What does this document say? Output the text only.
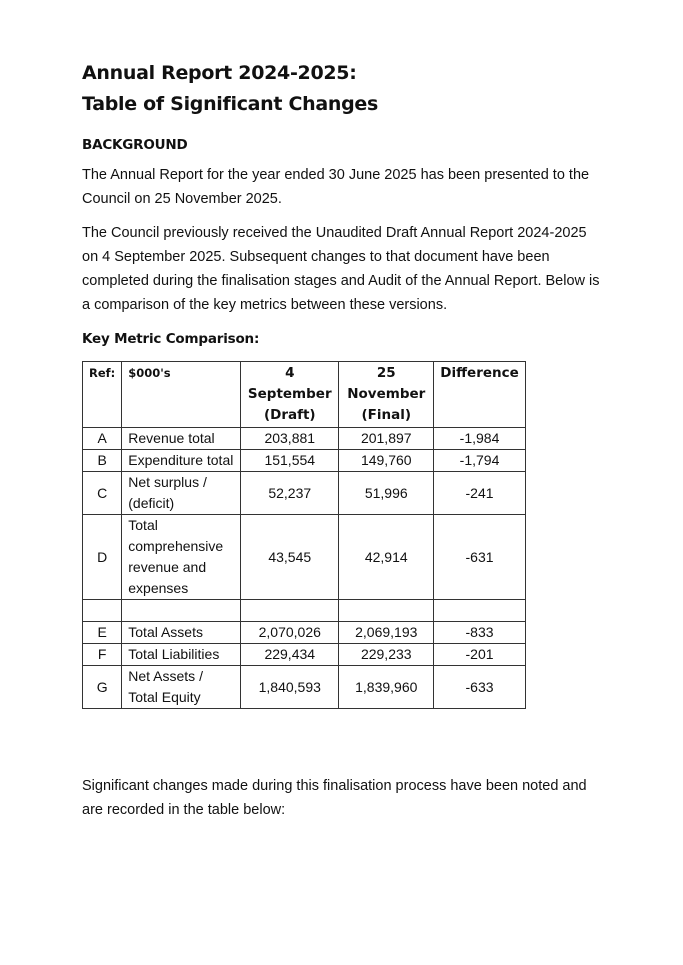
Annual Report 2024-2025:
Table of Significant Changes
BACKGROUND

The Annual Report for the year ended 30 June 2025 has been presented to the Council on 25 November 2025.

The Council previously received the Unaudited Draft Annual Report 2024-2025 on 4 September 2025. Subsequent changes to that document have been completed during the finalisation stages and Audit of the Annual Report. Below is a comparison of the key metrics between these versions.

Key Metric Comparison:
Ref:	$000's	4 September (Draft)	25 November (Final)	Difference
A	Revenue total	203,881	201,897	-1,984
B	Expenditure total	151,554	149,760	-1,794
C	Net surplus / (deficit)	52,237	51,996	-241
D	Total comprehensive revenue and expenses	43,545	42,914	-631

E	Total Assets	2,070,026	2,069,193	-833
F	Total Liabilities	229,434	229,233	-201
G	Net Assets / Total Equity	1,840,593	1,839,960	-633

Significant changes made during this finalisation process have been noted and are recorded in the table below:
